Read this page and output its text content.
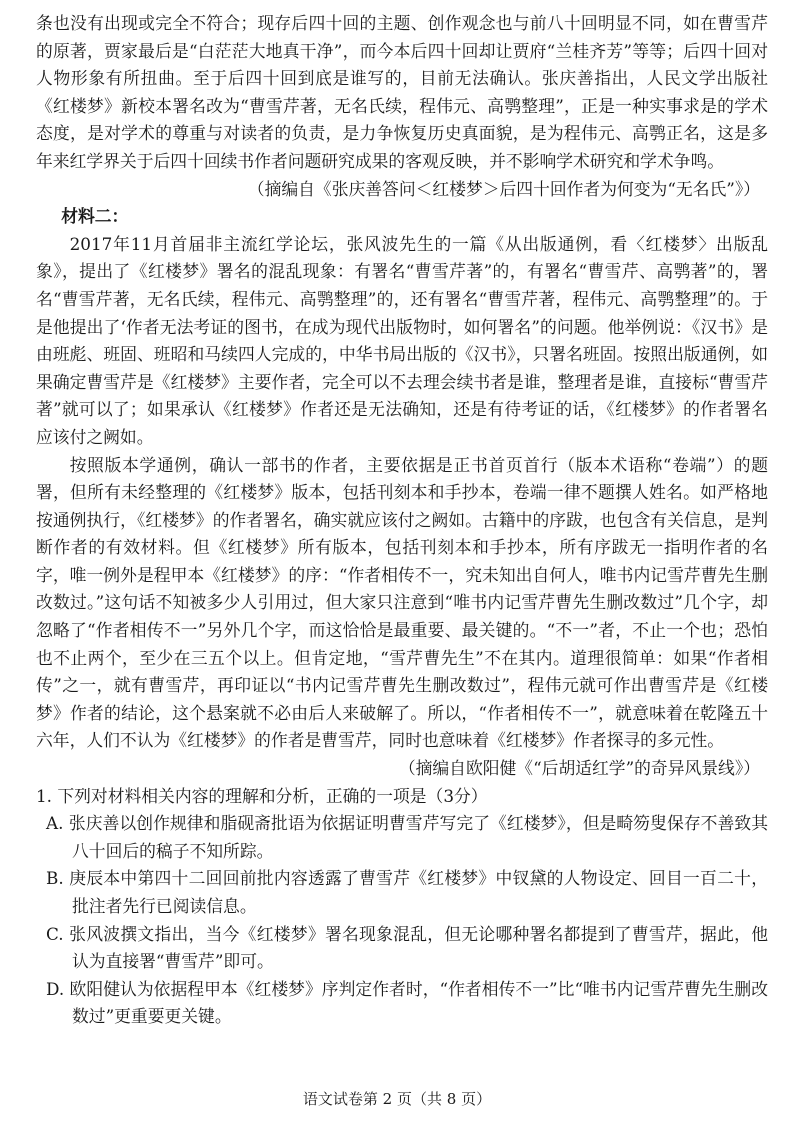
条也没有出现或完全不符合；现存后四十回的主题、创作观念也与前八十回明显不同，如在曹雪芹的原著，贾家最后是“白茫茫大地真干净”，而今本后四十回却让贾府“兰桂齐芳”等等；后四十回对人物形象有所扭曲。至于后四十回到底是谁写的，目前无法确认。张庆善指出，人民文学出版社《红楼梦》新校本署名改为“曹雪芹著，无名氏续，程伟元、高鹗整理”，正是一种实事求是的学术态度，是对学术的尊重与对读者的负责，是力争恢复历史真面貌，是为程伟元、高鹗正名，这是多年来红学界关于后四十回续书作者问题研究成果的客观反映，并不影响学术研究和学术争鸣。

（摘编自《张庆善答问＜红楼梦＞后四十回作者为何变为“无名氏”》）

材料二：

2017年11月首届非主流红学论坛，张风波先生的一篇《从出版通例，看〈红楼梦〉出版乱象》，提出了《红楼梦》署名的混乱现象：有署名“曹雪芹著”的，有署名“曹雪芹、高鹗著”的，署名“曹雪芹著，无名氏续，程伟元、高鹗整理”的，还有署名“曹雪芹著，程伟元、高鹗整理”的。于是他提出了‘作者无法考证的图书，在成为现代出版物时，如何署名”的问题。他举例说：《汉书》是由班彪、班固、班昭和马续四人完成的，中华书局出版的《汉书》，只署名班固。按照出版通例，如果确定曹雪芹是《红楼梦》主要作者，完全可以不去理会续书者是谁，整理者是谁，直接标“曹雪芹著”就可以了；如果承认《红楼梦》作者还是无法确知，还是有待考证的话，《红楼梦》的作者署名应该付之阙如。

按照版本学通例，确认一部书的作者，主要依据是正书首页首行（版本术语称“卷端”）的题署，但所有未经整理的《红楼梦》版本，包括刊刻本和手抄本，卷端一律不题撰人姓名。如严格地按通例执行，《红楼梦》的作者署名，确实就应该付之阙如。古籍中的序跋，也包含有关信息，是判断作者的有效材料。但《红楼梦》所有版本，包括刊刻本和手抄本，所有序跋无一指明作者的名字，唯一例外是程甲本《红楼梦》的序：“作者相传不一，究未知出自何人，唯书内记雪芹曹先生删改数过。”这句话不知被多少人引用过，但大家只注意到“唯书内记雪芹曹先生删改数过”几个字，却忽略了“作者相传不一”另外几个字，而这恰恰是最重要、最关键的。“不一”者，不止一个也；恐怕也不止两个，至少在三五个以上。但肯定地，“雪芹曹先生”不在其内。道理很简单：如果“作者相传”之一，就有曹雪芹，再印证以“书内记雪芹曹先生删改数过”，程伟元就可作出曹雪芹是《红楼梦》作者的结论，这个悬案就不必由后人来破解了。所以，“作者相传不一”，就意味着在乾隆五十六年，人们不认为《红楼梦》的作者是曹雪芹，同时也意味着《红楼梦》作者探寻的多元性。

（摘编自欧阳健《“后胡适红学”的奇异风景线》）

1. 下列对材料相关内容的理解和分析，正确的一项是（3分）

A. 张庆善以创作规律和脂砚斋批语为依据证明曹雪芹写完了《红楼梦》，但是畸笏叟保存不善致其八十回后的稿子不知所踪。

B. 庚辰本中第四十二回回前批内容透露了曹雪芹《红楼梦》中钗黛的人物设定、回目一百二十，批注者先行已阅读信息。

C. 张风波撰文指出，当今《红楼梦》署名现象混乱，但无论哪种署名都提到了曹雪芹，据此，他认为直接署“曹雪芹”即可。

D. 欧阳健认为依据程甲本《红楼梦》序判定作者时，“作者相传不一”比“唯书内记雪芹曹先生删改数过”更重要更关键。

语文试卷第 2 页（共 8 页）
